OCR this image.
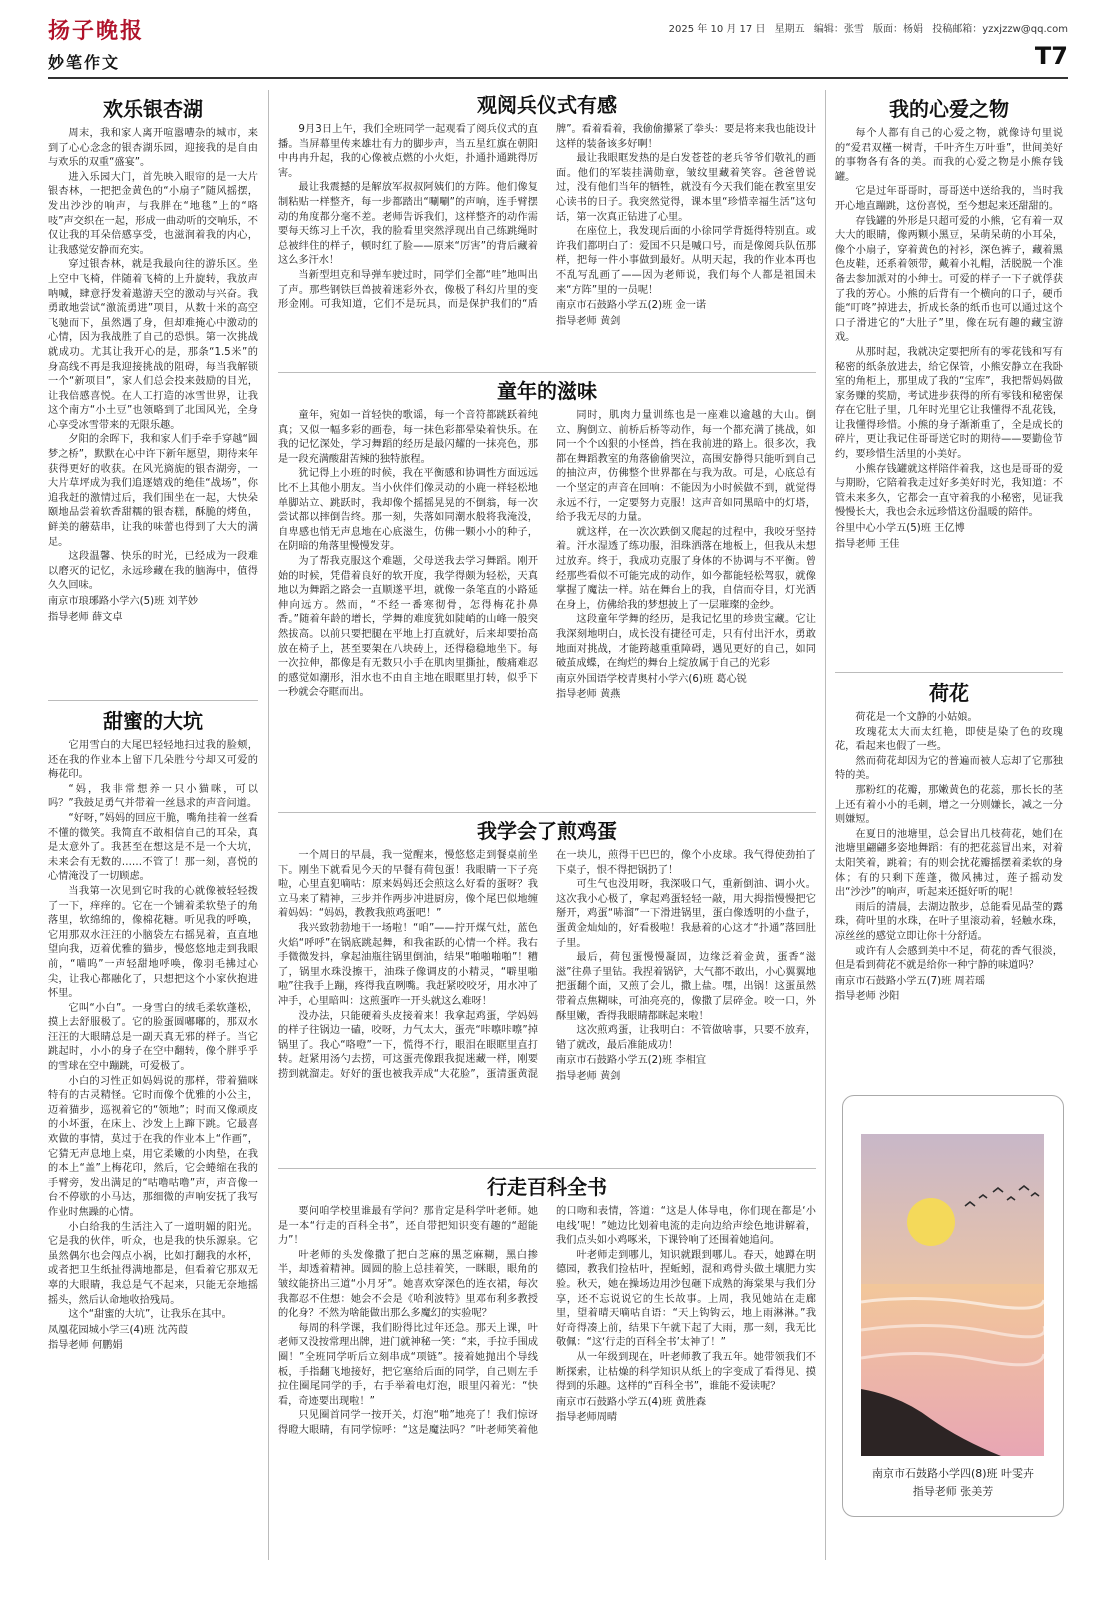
扬子晚报	2025 年 10 月 17 日 星期五 编辑：张雪 版面：杨娟 投稿邮箱：yzxjzzw@qq.com
妙笔作文	T7
欢乐银杏湖

周末，我和家人离开喧嚣嘈杂的城市，来到了心心念念的银杏湖乐园，迎接我的是自由与欢乐的双重“盛宴”。

进入乐园大门，首先映入眼帘的是一大片银杏林，一把把金黄色的“小扇子”随风摇摆，发出沙沙的响声，与我胖在“地毯”上的“咯吱”声交织在一起，形成一曲动听的交响乐，不仅让我的耳朵倍感享受，也滋润着我的内心，让我感觉安静而充实。

穿过银杏林，就是我最向往的游乐区。坐上空中飞椅，伴随着飞椅的上升旋转，我放声呐喊，肆意抒发着遨游天空的激动与兴奋。我勇敢地尝试“激流勇进”项目，从数十米的高空飞驰而下，虽然遇了身，但却难掩心中激动的心情，因为我战胜了自己的恐惧。第一次挑战就成功。尤其让我开心的是，那条“1.5米”的身高线不再是我迎接挑战的阻碍，每当我解锁一个“新项目”，家人们总会投来鼓励的目光，让我倍感喜悦。在人工打造的冰雪世界，让我这个南方“小土豆”也领略到了北国风光，全身心享受冰雪带来的无限乐趣。

夕阳的余晖下，我和家人们手牵手穿越“圆梦之桥”，默默在心中许下新年愿望，期待来年获得更好的收获。在风光旖旎的银杏湖旁，一大片草坪成为我们追逐嬉戏的绝佳“战场”，你追我赶的激情过后，我们围坐在一起，大快朵颐地品尝着软香甜糯的银杏糕，酥脆的烤鱼，鲜美的蘑菇串，让我的味蕾也得到了大大的满足。

这段温馨、快乐的时光，已经成为一段难以磨灭的记忆，永远珍藏在我的脑海中，值得久久回味。

南京市琅琊路小学六(5)班 刘芊妙

指导老师 薛文卓

甜蜜的大坑

它用雪白的大尾巴轻轻地扫过我的脸颊，还在我的作业本上留下几朵胜兮兮却又可爱的梅花印。

“妈，我非常想养一只小猫咪，可以吗？”我鼓足勇气并带着一丝恳求的声音问道。

“好呀，”妈妈的回应干脆，嘴角挂着一丝看不懂的微笑。我简直不敢相信自己的耳朵，真是太意外了。我甚至在想这是不是一个大坑，未来会有无数的……不管了！那一刻，喜悦的心情淹没了一切顾虑。

当我第一次见到它时我的心就像被轻轻拨了一下，痒痒的。它在一个铺着柔软垫子的角落里，软绵绵的，像棉花糖。听见我的呼唤，它用那双水汪汪的小脑袋左右摇晃着，直直地望向我，迈着优雅的猫步，慢悠悠地走到我眼前，“喵呜”一声轻甜地呼唤，像羽毛拂过心尖，让我心都融化了，只想把这个小家伙抱进怀里。

它叫“小白”。一身雪白的绒毛柔软蓬松，摸上去舒服极了。它的脸蛋圆嘟嘟的，那双水汪汪的大眼睛总是一副天真无邪的样子。当它跳起时，小小的身子在空中翻转，像个胖乎乎的雪球在空中蹦跳，可爱极了。

小白的习性正如妈妈说的那样，带着猫咪特有的古灵精怪。它时而像个优雅的小公主，迈着猫步，巡视着它的“领地”；时而又像顽皮的小坏蛋，在床上、沙发上上蹿下跳。它最喜欢做的事情，莫过于在我的作业本上“作画”，它猜无声息地上桌，用它柔嫩的小肉垫，在我的本上“盖”上梅花印，然后，它会蜷缩在我的手臂旁，发出满足的“咕噜咕噜”声，声音像一台不停歇的小马达，那细微的声响安抚了我写作业时焦躁的心情。

小白给我的生活注入了一道明媚的阳光。它是我的伙伴，听众，也是我的快乐源泉。它虽然偶尔也会闯点小祸，比如打翻我的水杯，或者把卫生纸扯得满地都是，但看着它那双无辜的大眼睛，我总是气不起来，只能无奈地摇摇头，然后认命地收拾残局。

这个“甜蜜的大坑”，让我乐在其中。

凤凰花园城小学三(4)班 沈芮葭

指导老师 何鹏娟

观阅兵仪式有感

9月3日上午，我们全班同学一起观看了阅兵仪式的直播。当屏幕里传来雄壮有力的脚步声，当五星红旗在朝阳中冉冉升起，我的心像被点燃的小火炬，扑通扑通跳得厉害。

最让我震撼的是解放军叔叔阿姨们的方阵。他们像复制粘贴一样整齐，每一步都踏出“唰唰”的声响，连手臂摆动的角度都分毫不差。老师告诉我们，这样整齐的动作需要每天练习上千次，我的脸看里突然浮现出自己练跳绳时总被绊住的样子，顿时红了脸——原来“厉害”的背后藏着这么多汗水！

当新型坦克和导弹车驶过时，同学们全都“哇”地叫出了声。那些钢铁巨兽披着迷彩外衣，像极了科幻片里的变形金刚。可我知道，它们不是玩具，而是保护我们的“盾牌”。看着看着，我偷偷攥紧了拳头：要是将来我也能设计这样的装备该多好啊！

最让我眼眶发热的是白发苍苍的老兵爷爷们敬礼的画面。他们的军装挂满勋章，皱纹里藏着笑容。爸爸曾说过，没有他们当年的牺牲，就没有今天我们能在教室里安心读书的日子。我突然觉得，课本里“珍惜幸福生活”这句话，第一次真正钻进了心里。

在座位上，我发现后面的小徐同学背挺得特别直。或许我们都明白了：爱国不只是喊口号，而是像阅兵队伍那样，把每一件小事做到最好。从明天起，我的作业本再也不乱写乱画了——因为老师说，我们每个人都是祖国未来“方阵”里的一员呢！

南京市石鼓路小学五(2)班 金一诺

指导老师 黄剑

童年的滋味

童年，宛如一首轻快的歌谣，每一个音符都跳跃着纯真；又似一幅多彩的画卷，每一抹色彩都晕染着快乐。在我的记忆深处，学习舞蹈的经历是最闪耀的一抹亮色，那是一段充满酸甜苦辣的独特旅程。

犹记得上小班的时候，我在平衡感和协调性方面远远比不上其他小朋友。当小伙伴们像灵动的小鹿一样轻松地单脚站立、跳跃时，我却像个摇摇晃晃的不倒翁，每一次尝试都以摔倒告终。那一刻，失落如同潮水般将我淹没，自卑感也悄无声息地在心底滋生，仿佛一颗小小的种子，在阴暗的角落里慢慢发芽。

为了帮我克服这个难题，父母送我去学习舞蹈。刚开始的时候，凭借着良好的软开度，我学得颇为轻松，天真地以为舞蹈之路会一直顺遂平坦，就像一条笔直的小路延伸向远方。然而，“不经一番寒彻骨，怎得梅花扑鼻香。”随着年龄的增长，学舞的难度犹如陡峭的山峰一般突然拔高。以前只要把腿在平地上打直就好，后来却要抬高放在椅子上，甚至要架在八块砖上，还得稳稳地坐下。每一次拉伸，都像是有无数只小手在肌肉里撕扯，酸痛难忍的感觉如潮形，泪水也不由自主地在眼眶里打转，似乎下一秒就会夺眶而出。

同时，肌肉力量训练也是一座难以逾越的大山。倒立、胸倒立、前桥后桥等动作，每一个都充满了挑战，如同一个个凶狠的小怪兽，挡在我前进的路上。很多次，我都在舞蹈教室的角落偷偷哭泣，高围安静得只能听到自己的抽泣声，仿佛整个世界都在与我为敌。可是，心底总有一个坚定的声音在回响：不能因为小时候做不到，就觉得永远不行，一定要努力克服！这声音如同黑暗中的灯塔，给予我无尽的力量。

就这样，在一次次跌倒又爬起的过程中，我咬牙坚持着。汗水湿透了练功服，泪珠洒落在地板上，但我从未想过放弃。终于，我成功克服了身体的不协调与不平衡。曾经那些看似不可能完成的动作，如今都能轻松驾驭，就像掌握了魔法一样。站在舞台上的我，自信而夺目，灯光洒在身上，仿佛给我的梦想披上了一层璀璨的金纱。

这段童年学舞的经历，是我记忆里的珍贵宝藏。它让我深刻地明白，成长没有捷径可走，只有付出汗水，勇敢地面对挑战，才能跨越重重障碍，遇见更好的自己，如同破茧成蝶，在绚烂的舞台上绽放属于自己的光彩

南京外国语学校青奥村小学六(6)班 葛心锐

指导老师 黄燕

我学会了煎鸡蛋

一个周日的早晨，我一觉醒来，慢悠悠走到餐桌前坐下。刚坐下就看见今天的早餐有荷包蛋！我眼睛一下子亮啦，心里直犯嘀咕：原来妈妈还会煎这么好看的蛋呀？我立马来了精神，三步并作两步冲进厨房，像个尾巴似地缠着妈妈：“妈妈，教教我煎鸡蛋吧！”

我兴致勃勃地干一场啦！“咱”——拧开煤气灶，蓝色火焰“呼呼”在锅底跳起舞，和我雀跃的心情一个样。我右手微微发抖，拿起油瓶往锅里倒油，结果“啪啪啪啪”！糟了，锅里水珠没擦干，油珠子像调皮的小精灵，“噼里啪啦”往我手上蹦，疼得我直咧嘴。我赶紧咬咬牙，用水冲了冲手，心里暗叫：这煎蛋咋一开头就这么难呀！

没办法，只能硬着头皮接着来！我拿起鸡蛋，学妈妈的样子往锅边一磕，咬呀，力气太大，蛋壳“咔嚓咔嚓”掉锅里了。我心“咯噔”一下，慌得不行，眼泪在眼眶里直打转。赶紧用汤勺去捞，可这蛋壳像跟我捉迷藏一样，刚要捞到就溜走。好好的蛋也被我弄成“大花脸”，蛋清蛋黄混在一块儿，煎得干巴巴的，像个小皮球。我气得使劲拍了下桌子，恨不得把锅扔了！

可生气也没用呀，我深吸口气，重新倒油、调小火。这次我小心极了，拿起鸡蛋轻轻一敲，用大拇指慢慢把它掰开，鸡蛋“哧溜”一下滑进锅里，蛋白像透明的小盘子，蛋黄金灿灿的，好看极啦！我悬着的心这才“扑通”落回肚子里。

最后，荷包蛋慢慢凝固，边缘泛着金黄，蛋香“滋滋”往鼻子里钻。我捏着锅铲，大气都不敢出，小心翼翼地把蛋翻个面，又煎了会儿，撒上盐。嘿，出锅！这蛋虽然带着点焦糊味，可油亮亮的，像撒了层碎金。咬一口，外酥里嫩，香得我眼睛都眯起来啦！

这次煎鸡蛋，让我明白：不管做啥事，只要不放弃，错了就改，最后准能成功！

南京市石鼓路小学五(2)班 李相宜

指导老师 黄剑

行走百科全书

要问咱学校里谁最有学问？那肯定是科学叶老师。她是一本“行走的百科全书”，还自带把知识变有趣的“超能力”！

叶老师的头发像撒了把白芝麻的黑芝麻糊，黑白掺半，却透着精神。圆圆的脸上总挂着笑，一眯眼，眼角的皱纹能挤出三道“小月牙”。她喜欢穿深色的连衣裙，每次我都忍不住想：她会不会是《哈利波特》里邓布利多教授的化身？不然为啥能做出那么多魔幻的实验呢？

每周的科学课，我们盼得比过年还急。那天上课，叶老师又没按常理出牌，进门就神秘一笑：“来，手拉手围成圈！”全班同学听后立刻串成“项链”。接着她抛出个导线板，手指翻飞地接好，把它塞给后面的同学，自己则左手拉住圈尾同学的手，右手举着电灯泡，眼里闪着光：“快看，奇迹要出现啦！”

只见圈首同学一按开关，灯泡“啪”地亮了！我们惊讶得瞪大眼睛，有同学惊呼：“这是魔法吗？”叶老师笑着他的口吻和表情，答道：“这是人体导电，你们现在都是‘小电线’呢！”她边比划着电流的走向边给声绘色地讲解着，我们点头如小鸡啄米，下课铃响了还围着她追问。

叶老师走到哪儿，知识就跟到哪儿。春天，她蹲在明德园，教我们捡枯叶，捏蚯蚓，混和鸡骨头做土壤肥力实验。秋天，她在操场边用沙包砸下成熟的海棠果与我们分享，还不忘说说它的生长故事。上周，我见她站在走廊里，望着晴天嘀咕自语：“天上钩钩云，地上雨淋淋。”我好奇得凑上前，结果下午就下起了大雨，那一刻，我无比敬佩：“这‘行走的百科全书’太神了！”

从一年级到现在，叶老师教了我五年。她带领我们不断探索，让枯燥的科学知识从纸上的字变成了看得见、摸得到的乐趣。这样的“百科全书”，谁能不爱读呢？

南京市石鼓路小学五(4)班 黄胜森

指导老师周晴

我的心爱之物

每个人都有自己的心爱之物，就像诗句里说的“爱君双槿一树青，千叶齐生万叶垂”，世间美好的事物各有各的美。而我的心爱之物是小熊存钱罐。

它是过年哥哥时，哥哥送中送给我的，当时我开心地直蹦跳，这份喜悦，至今想起来还甜甜的。

存钱罐的外形是只超可爱的小熊，它有着一双大大的眼睛，像两颗小黑豆，呆萌呆萌的小耳朵，像个小扇子，穿着黄色的衬衫，深色裤子，藏着黑色皮鞋，还系着领带，戴着小礼帽，活脱脱一个准备去参加派对的小绅士。可爱的样子一下子就俘获了我的芳心。小熊的后背有一个横向的口子，硬币能“叮咚”掉进去，折成长条的纸币也可以通过这个口子滑进它的“大肚子”里，像在玩有趣的藏宝游戏。

从那时起，我就决定要把所有的零花钱和写有秘密的纸条放进去，给它保管，小熊安静立在我卧室的角柜上，那里成了我的“宝库”，我把帮妈妈做家务赚的奖励，考试进步获得的所有零钱和秘密保存在它肚子里，几年时光里它让我懂得不乱花钱，让我懂得珍惜。小熊的身子渐渐重了，全是成长的碎片，更让我记住哥哥送它时的期待——要勤俭节约，要珍惜生活里的小美好。

小熊存钱罐就这样陪伴着我，这也是哥哥的爱与期盼，它陪着我走过好多美好时光，我知道：不管未来多久，它都会一直守着我的小秘密，见证我慢慢长大，我也会永远珍惜这份温暖的陪伴。

谷里中心小学五(5)班 王亿博

指导老师 王佳

荷花

荷花是一个文静的小姑娘。

玫瑰花太大而太红艳，即使是染了色的玫瑰花，看起来也假了一些。

然而荷花却因为它的普遍而被人忘却了它那独特的美。

那粉红的花瓣，那嫩黄色的花蕊，那长长的茎上还有着小小的毛刺，增之一分则嫌长，减之一分则嫌短。

在夏日的池塘里，总会冒出几枝荷花，她们在池塘里翩翩多姿地舞蹈：有的把花蕊冒出来，对着太阳笑着，跳着；有的则会扰花瓣摇摆着柔软的身体；有的只剩下莲蓬，微风拂过，莲子摇动发出“沙沙”的响声，听起来还挺好听的呢！

雨后的清晨，去湖边散步，总能看见晶莹的露珠，荷叶里的水珠，在叶子里滚动着，轻触水珠，凉丝丝的感觉立即让你十分舒适。

或许有人会感到美中不足，荷花的香气很淡，但是看到荷花不就是给你一种宁静的味道吗？

南京市石鼓路小学五(7)班 周若瑶

指导老师 沙阳

南京市石鼓路小学四(8)班 叶雯卉
指导老师 张美芳
